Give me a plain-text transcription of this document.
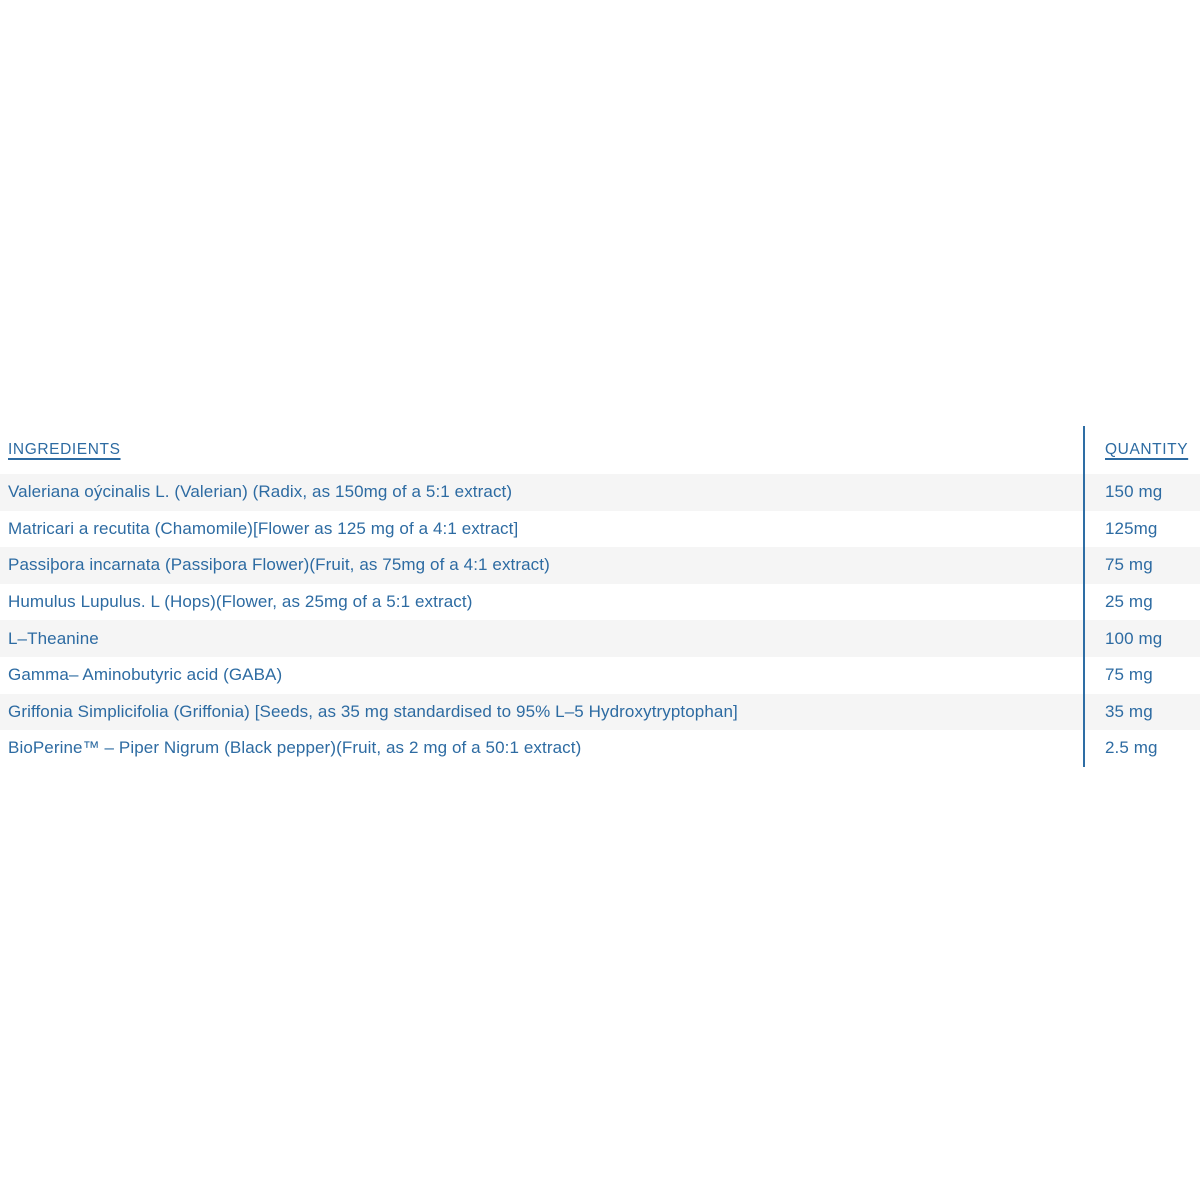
INGREDIENTS	QUANTITY
Valeriana oýcinalis L. (Valerian) (Radix, as 150mg of a 5:1 extract)	150 mg
Matricari a recutita (Chamomile)[Flower as 125 mg of a 4:1 extract]	125mg
Passiþora incarnata (Passiþora Flower)(Fruit, as 75mg of a 4:1 extract)	75 mg
Humulus Lupulus. L (Hops)(Flower, as 25mg of a 5:1 extract)	25 mg
L–Theanine	100 mg
Gamma– Aminobutyric acid (GABA)	75 mg
Griffonia Simplicifolia (Griffonia) [Seeds, as 35 mg standardised to 95% L–5 Hydroxytryptophan]	35 mg
BioPerine™ – Piper Nigrum (Black pepper)(Fruit, as 2 mg of a 50:1 extract)	2.5 mg
